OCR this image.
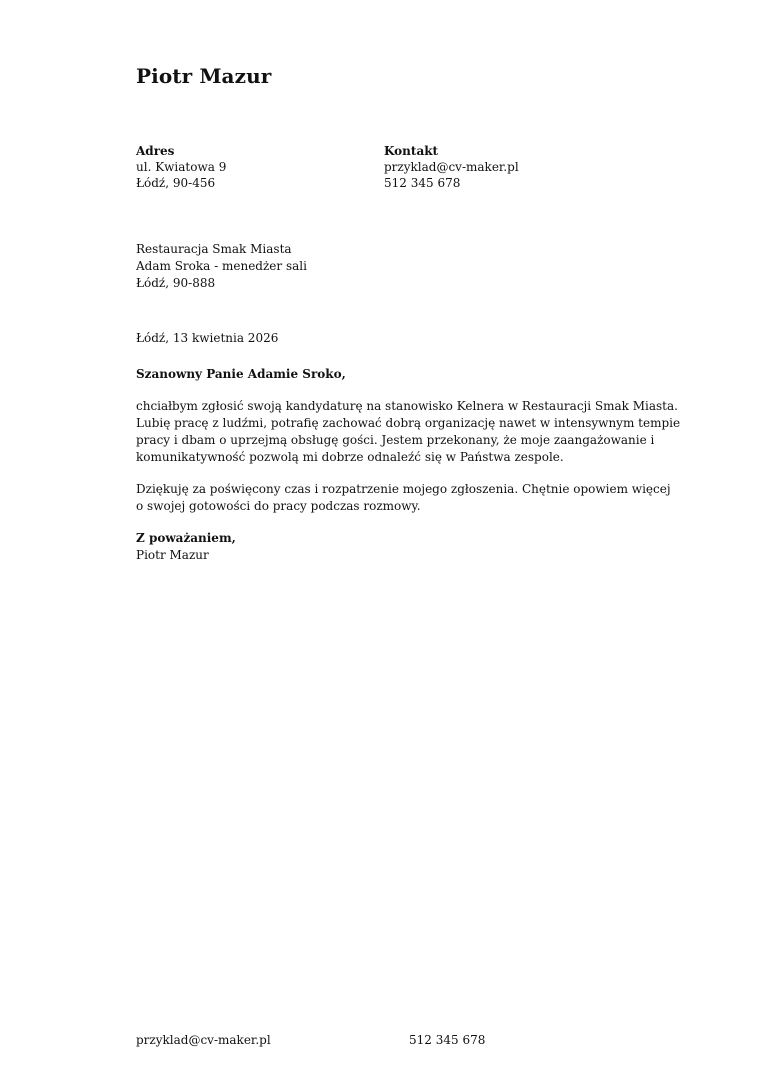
Piotr Mazur
Adres
ul. Kwiatowa 9
Łódź, 90-456
Kontakt
przyklad@cv-maker.pl
512 345 678
Restauracja Smak Miasta
Adam Sroka - menedżer sali
Łódź, 90-888
Łódź, 13 kwietnia 2026
Szanowny Panie Adamie Sroko,
chciałbym zgłosić swoją kandydaturę na stanowisko Kelnera w Restauracji Smak Miasta.
Lubię pracę z ludźmi, potrafię zachować dobrą organizację nawet w intensywnym tempie
pracy i dbam o uprzejmą obsługę gości. Jestem przekonany, że moje zaangażowanie i
komunikatywność pozwolą mi dobrze odnaleźć się w Państwa zespole.
Dziękuję za poświęcony czas i rozpatrzenie mojego zgłoszenia. Chętnie opowiem więcej
o swojej gotowości do pracy podczas rozmowy.
Z poważaniem,
Piotr Mazur
przyklad@cv-maker.pl	512 345 678
